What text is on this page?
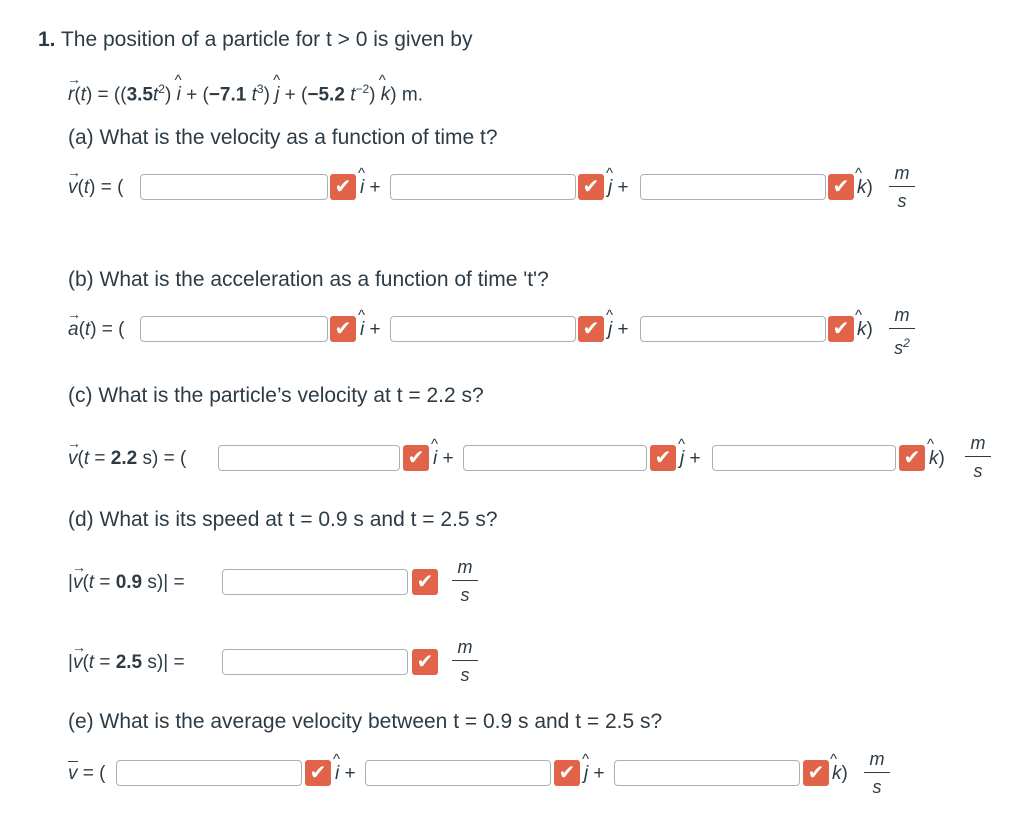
1. The position of a particle for t > 0 is given by
→
$r(t) = ((3.5t^2)$
^
i + (−7.1 $t^3$)
^
j + (−5.2 $t^{-2}$)
^
k) m.
(a) What is the velocity as a function of time t?
→
v(t) = (	✔
^
i +	✔
^
j +	✔
^
k)
m
s
(b) What is the acceleration as a function of time 't'?
→
a(t) = (	✔
^
i +	✔
^
j +	✔
^
k)
m
$s^2$
(c) What is the particle’s velocity at t = 2.2 s?
→
v(t = 2.2 s) = (	✔
^
i +	✔
^
j +	✔
^
k)
m
s
(d) What is its speed at t = 0.9 s and t = 2.5 s?
|
→
v(t = 0.9 s)| =	✔
m
s
|
→
v(t = 2.5 s)| =	✔
m
s
(e) What is the average velocity between t = 0.9 s and t = 2.5 s?
v = (	✔
^
i +	✔
^
j +	✔
^
k)
m
s
